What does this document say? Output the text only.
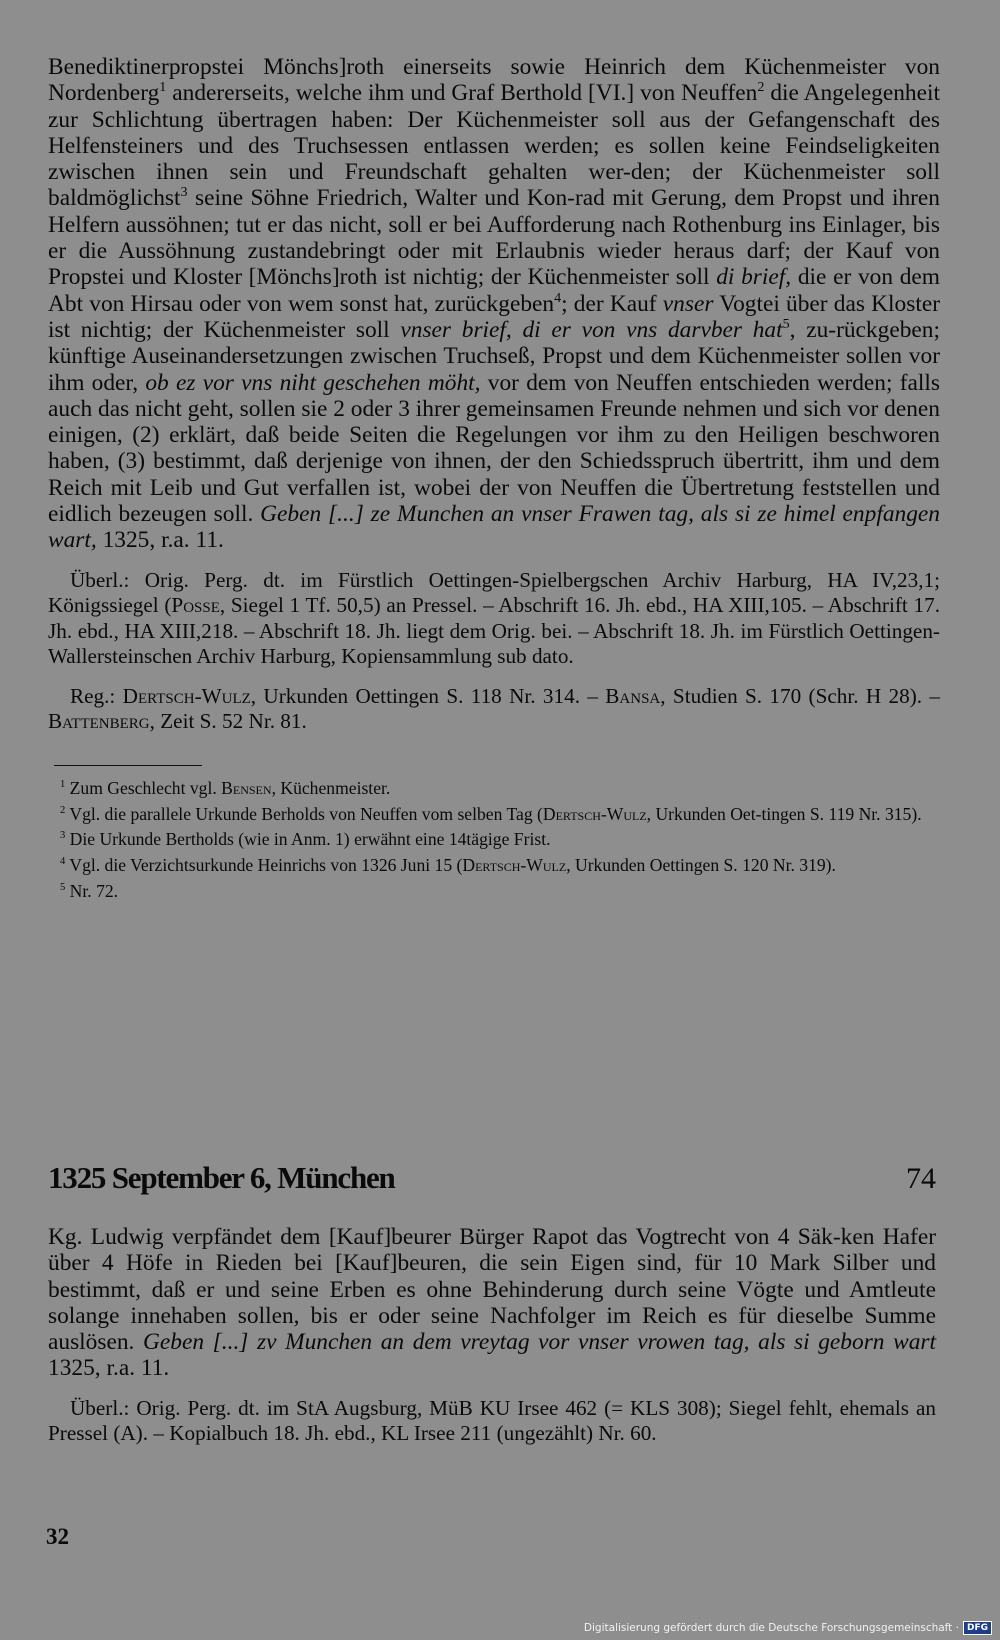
Benediktinerpropstei Mönchs]roth einerseits sowie Heinrich dem Küchenmeister von Nordenberg$^1$ andererseits, welche ihm und Graf Berthold [VI.] von Neuffen$^2$ die Angelegenheit zur Schlichtung übertragen haben: Der Küchenmeister soll aus der Gefangenschaft des Helfensteiners und des Truchsessen entlassen werden; es sollen keine Feindseligkeiten zwischen ihnen sein und Freundschaft gehalten wer-den; der Küchenmeister soll baldmöglichst$^3$ seine Söhne Friedrich, Walter und Kon-rad mit Gerung, dem Propst und ihren Helfern aussöhnen; tut er das nicht, soll er bei Aufforderung nach Rothenburg ins Einlager, bis er die Aussöhnung zustandebringt oder mit Erlaubnis wieder heraus darf; der Kauf von Propstei und Kloster [Mönchs]roth ist nichtig; der Küchenmeister soll di brief, die er von dem Abt von Hirsau oder von wem sonst hat, zurückgeben$^4$; der Kauf vnser Vogtei über das Kloster ist nichtig; der Küchenmeister soll vnser brief, di er von vns darvber hat$^5$, zu-rückgeben; künftige Auseinandersetzungen zwischen Truchseß, Propst und dem Küchenmeister sollen vor ihm oder, ob ez vor vns niht geschehen möht, vor dem von Neuffen entschieden werden; falls auch das nicht geht, sollen sie 2 oder 3 ihrer gemeinsamen Freunde nehmen und sich vor denen einigen, (2) erklärt, daß beide Seiten die Regelungen vor ihm zu den Heiligen beschworen haben, (3) bestimmt, daß derjenige von ihnen, der den Schiedsspruch übertritt, ihm und dem Reich mit Leib und Gut verfallen ist, wobei der von Neuffen die Übertretung feststellen und eidlich bezeugen soll. Geben [...] ze Munchen an vnser Frawen tag, als si ze himel enpfangen wart, 1325, r.a. 11.

Überl.: Orig. Perg. dt. im Fürstlich Oettingen-Spielbergschen Archiv Harburg, HA IV,23,1; Königssiegel (Posse, Siegel 1 Tf. 50,5) an Pressel. – Abschrift 16. Jh. ebd., HA XIII,105. – Abschrift 17. Jh. ebd., HA XIII,218. – Abschrift 18. Jh. liegt dem Orig. bei. – Abschrift 18. Jh. im Fürstlich Oettingen-Wallersteinschen Archiv Harburg, Kopiensammlung sub dato.

Reg.: Dertsch-Wulz, Urkunden Oettingen S. 118 Nr. 314. – Bansa, Studien S. 170 (Schr. H 28). – Battenberg, Zeit S. 52 Nr. 81.

$^1$ Zum Geschlecht vgl. Bensen, Küchenmeister.

$^2$ Vgl. die parallele Urkunde Berholds von Neuffen vom selben Tag (Dertsch-Wulz, Urkunden Oet-tingen S. 119 Nr. 315).

$^3$ Die Urkunde Bertholds (wie in Anm. 1) erwähnt eine 14tägige Frist.

$^4$ Vgl. die Verzichtsurkunde Heinrichs von 1326 Juni 15 (Dertsch-Wulz, Urkunden Oettingen S. 120 Nr. 319).

$^5$ Nr. 72.

1325 September 6, München	74

Kg. Ludwig verpfändet dem [Kauf]beurer Bürger Rapot das Vogtrecht von 4 Säk-ken Hafer über 4 Höfe in Rieden bei [Kauf]beuren, die sein Eigen sind, für 10 Mark Silber und bestimmt, daß er und seine Erben es ohne Behinderung durch seine Vögte und Amtleute solange innehaben sollen, bis er oder seine Nachfolger im Reich es für dieselbe Summe auslösen. Geben [...] zv Munchen an dem vreytag vor vnser vrowen tag, als si geborn wart 1325, r.a. 11.

Überl.: Orig. Perg. dt. im StA Augsburg, MüB KU Irsee 462 (= KLS 308); Siegel fehlt, ehemals an Pressel (A). – Kopialbuch 18. Jh. ebd., KL Irsee 211 (ungezählt) Nr. 60.

32
Digitalisierung gefördert durch die Deutsche Forschungsgemeinschaft · DFG
